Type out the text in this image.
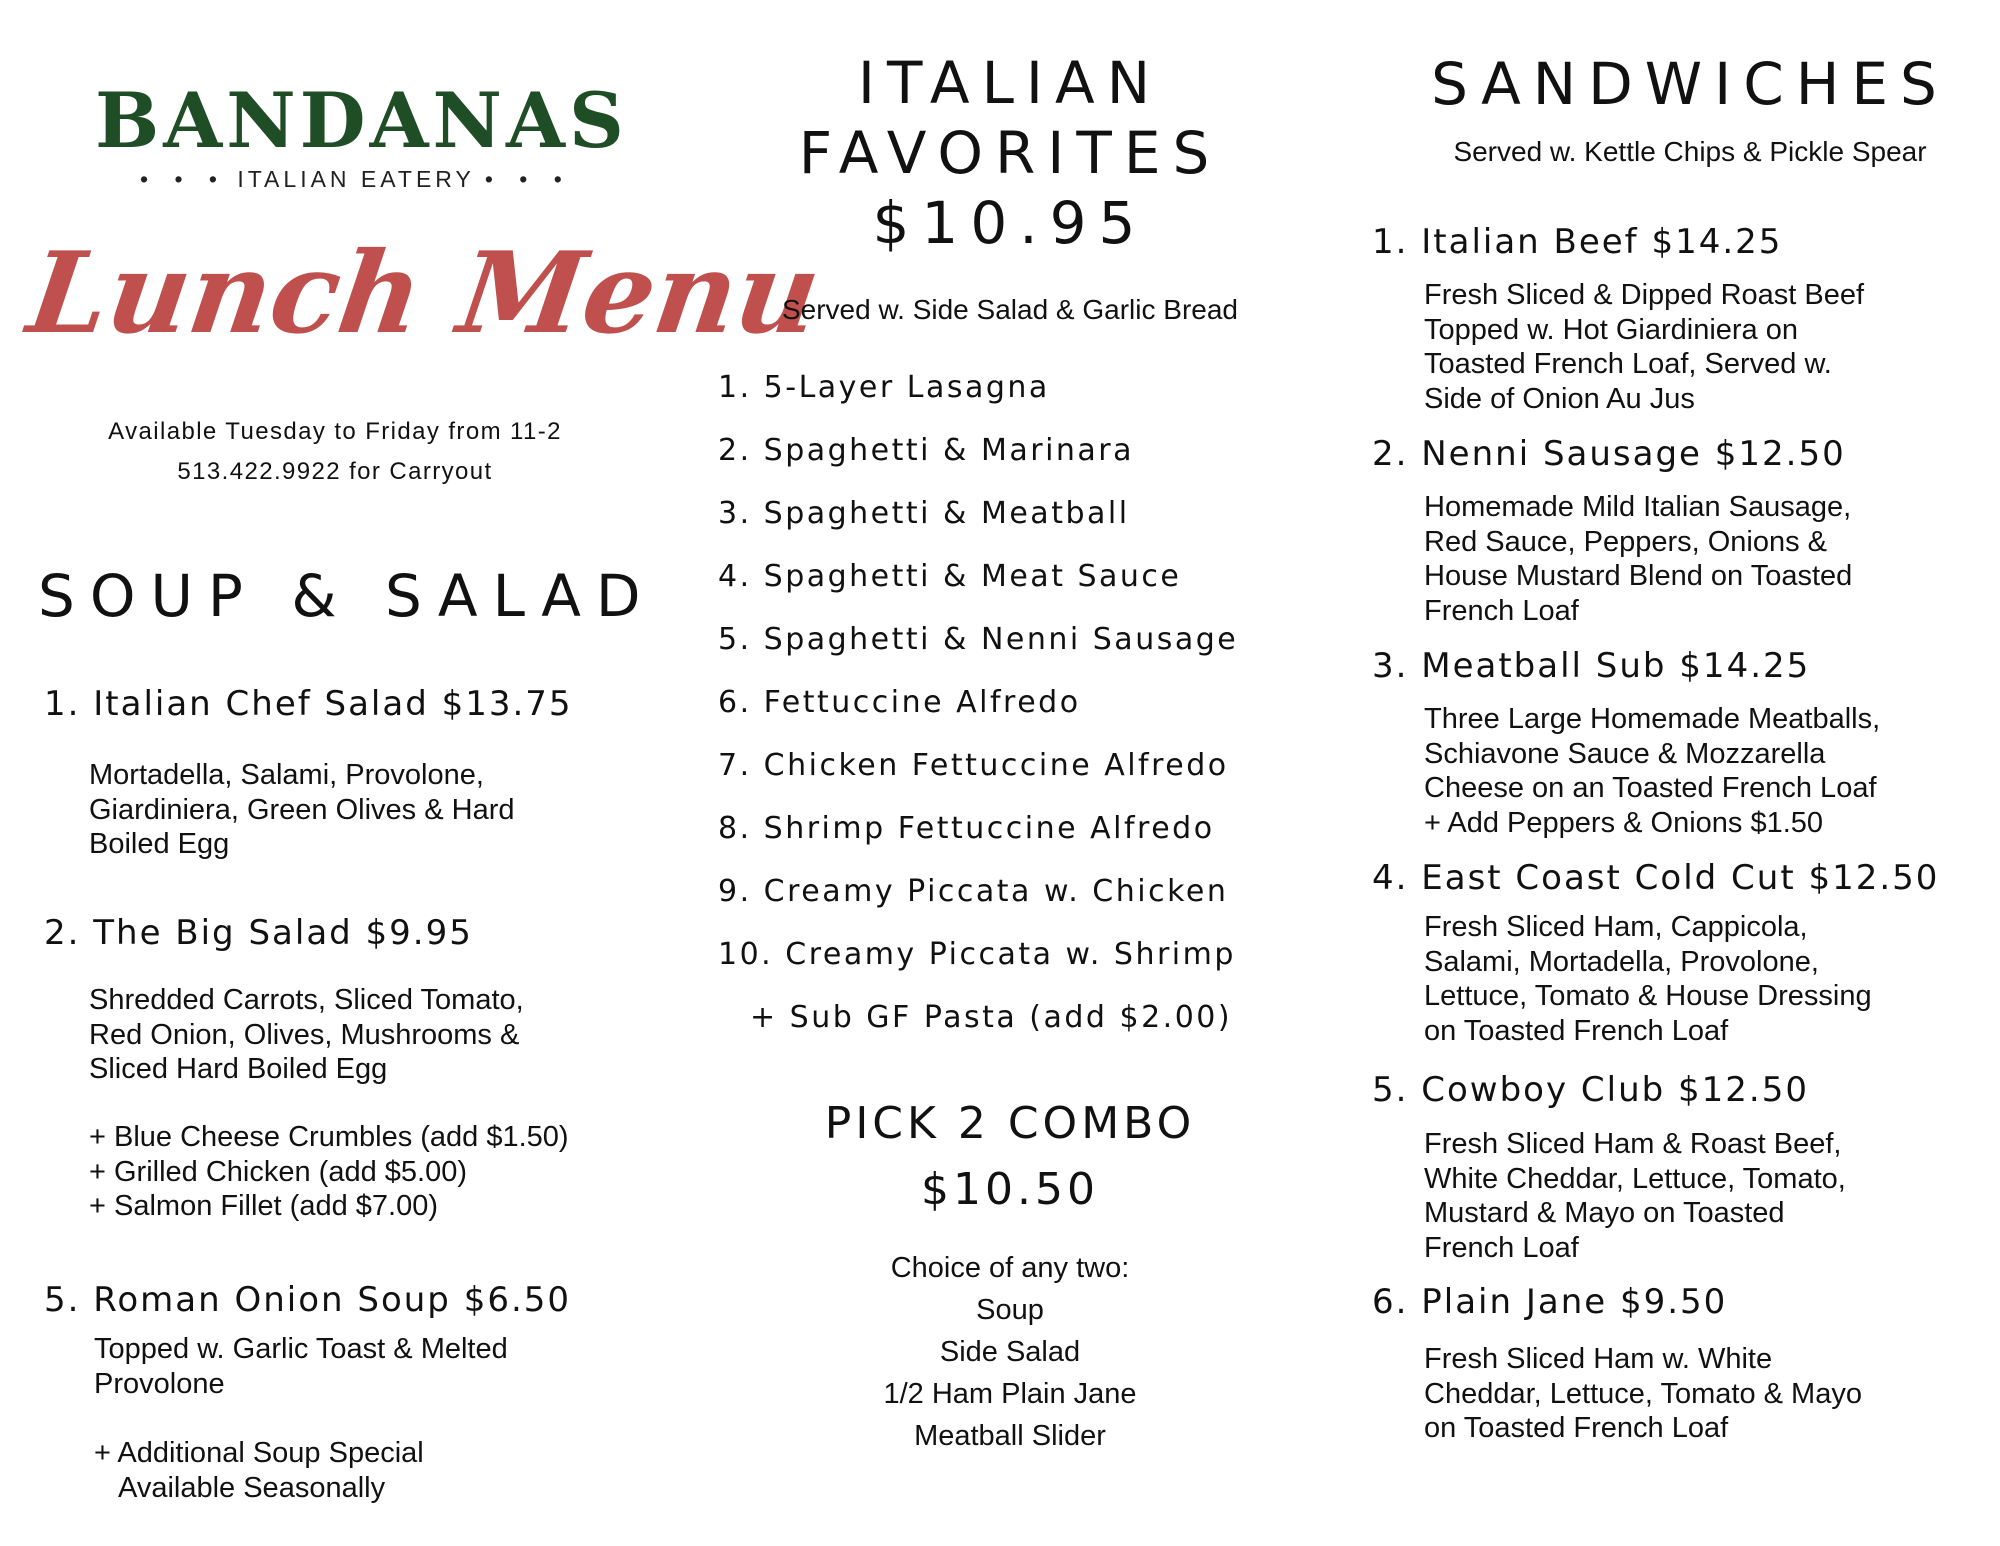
BANDANAS
• • • ITALIAN EATERY • • •
Lunch Menu
Available Tuesday to Friday from 11-2
513.422.9922 for Carryout
SOUP & SALAD
1. Italian Chef Salad $13.75
Mortadella, Salami, Provolone,
Giardiniera, Green Olives & Hard
Boiled Egg
2. The Big Salad $9.95
Shredded Carrots, Sliced Tomato,
Red Onion, Olives, Mushrooms &
Sliced Hard Boiled Egg
+ Blue Cheese Crumbles (add $1.50)
+ Grilled Chicken (add $5.00)
+ Salmon Fillet (add $7.00)
5. Roman Onion Soup $6.50
Topped w. Garlic Toast & Melted
Provolone
+ Additional Soup Special
Available Seasonally
ITALIAN
FAVORITES
$10.95
Served w. Side Salad & Garlic Bread
1. 5-Layer Lasagna
2. Spaghetti & Marinara
3. Spaghetti & Meatball
4. Spaghetti & Meat Sauce
5. Spaghetti & Nenni Sausage
6. Fettuccine Alfredo
7. Chicken Fettuccine Alfredo
8. Shrimp Fettuccine Alfredo
9. Creamy Piccata w. Chicken
10. Creamy Piccata w. Shrimp
+ Sub GF Pasta (add $2.00)
PICK 2 COMBO
$10.50
Choice of any two:
Soup
Side Salad
1/2 Ham Plain Jane
Meatball Slider
SANDWICHES
Served w. Kettle Chips & Pickle Spear
1. Italian Beef $14.25
Fresh Sliced & Dipped Roast Beef
Topped w. Hot Giardiniera on
Toasted French Loaf, Served w.
Side of Onion Au Jus
2. Nenni Sausage $12.50
Homemade Mild Italian Sausage,
Red Sauce, Peppers, Onions &
House Mustard Blend on Toasted
French Loaf
3. Meatball Sub $14.25
Three Large Homemade Meatballs,
Schiavone Sauce & Mozzarella
Cheese on an Toasted French Loaf
+ Add Peppers & Onions $1.50
4. East Coast Cold Cut $12.50
Fresh Sliced Ham, Cappicola,
Salami, Mortadella, Provolone,
Lettuce, Tomato & House Dressing
on Toasted French Loaf
5. Cowboy Club $12.50
Fresh Sliced Ham & Roast Beef,
White Cheddar, Lettuce, Tomato,
Mustard & Mayo on Toasted
French Loaf
6. Plain Jane $9.50
Fresh Sliced Ham w. White
Cheddar, Lettuce, Tomato & Mayo
on Toasted French Loaf
